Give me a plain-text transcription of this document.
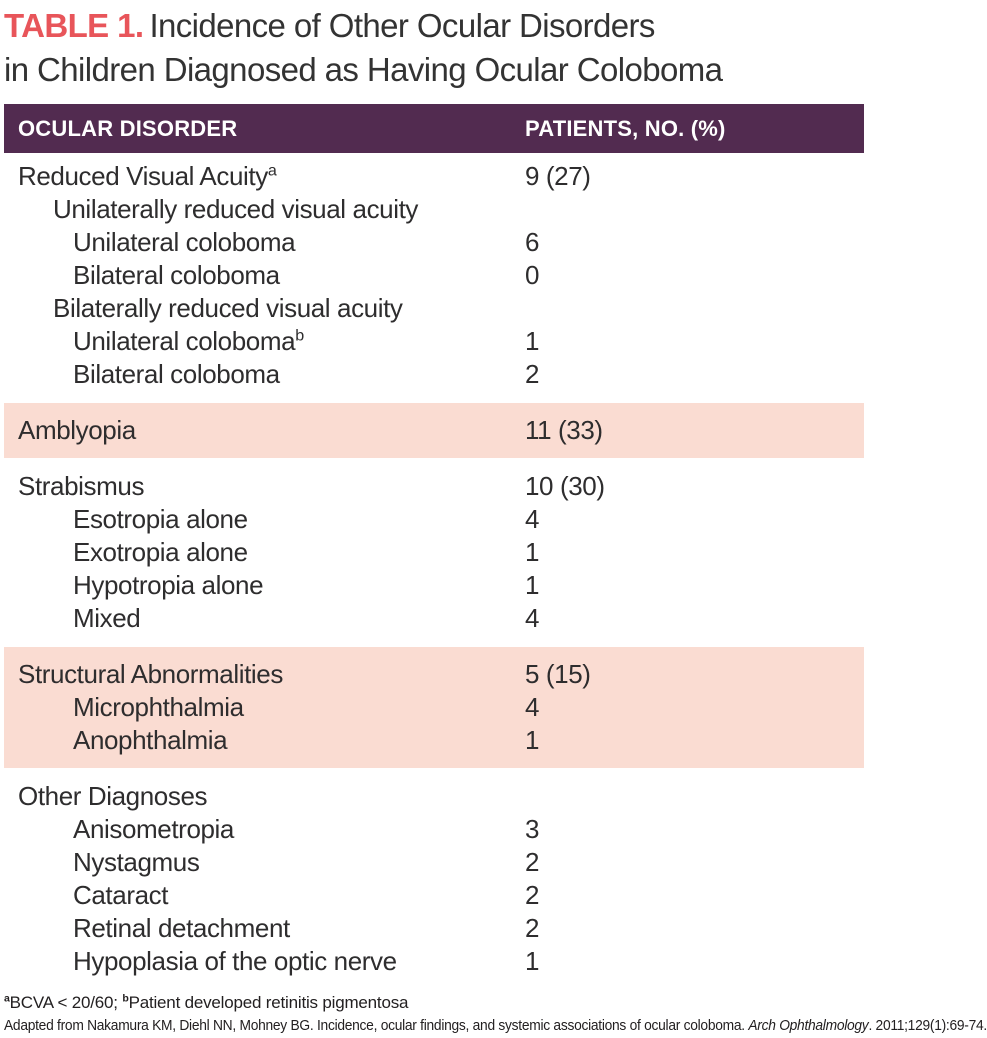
TABLE 1. Incidence of Other Ocular Disorders
in Children Diagnosed as Having Ocular Coloboma
OCULAR DISORDER	PATIENTS, NO. (%)
Reduced Visual Acuity$^a$	9 (27)
Unilaterally reduced visual acuity
Unilateral coloboma	6
Bilateral coloboma	0
Bilaterally reduced visual acuity
Unilateral coloboma$^b$	1
Bilateral coloboma	2
Amblyopia	11 (33)
Strabismus	10 (30)
Esotropia alone	4
Exotropia alone	1
Hypotropia alone	1
Mixed	4
Structural Abnormalities	5 (15)
Microphthalmia	4
Anophthalmia	1
Other Diagnoses
Anisometropia	3
Nystagmus	2
Cataract	2
Retinal detachment	2
Hypoplasia of the optic nerve	1
$^a$BCVA < 20/60; $^b$Patient developed retinitis pigmentosa
Adapted from Nakamura KM, Diehl NN, Mohney BG. Incidence, ocular findings, and systemic associations of ocular coloboma. Arch Ophthalmology. 2011;129(1):69-74.
